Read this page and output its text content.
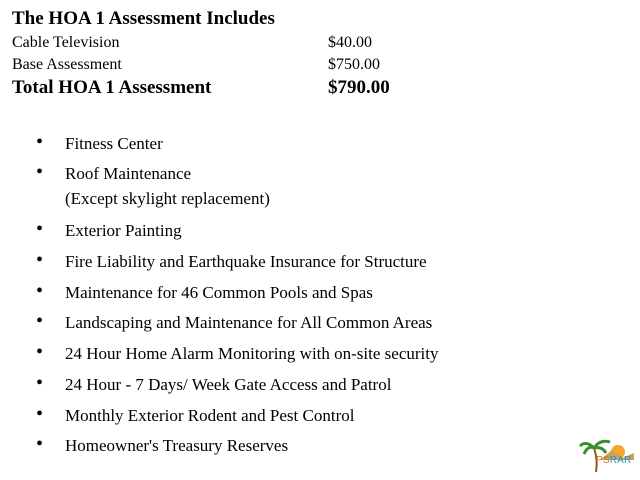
The HOA 1 Assessment Includes
Cable Television	$40.00
Base Assessment	$750.00
Total HOA 1 Assessment	$790.00
• Fitness Center
• Roof Maintenance
(Except skylight replacement)
• Exterior Painting
• Fire Liability and Earthquake Insurance for Structure
• Maintenance for 46 Common Pools and Spas
• Landscaping and Maintenance for All Common Areas
• 24 Hour Home Alarm Monitoring with on-site security
• 24 Hour - 7 Days/ Week Gate Access and Patrol
• Monthly Exterior Rodent and Pest Control
• Homeowner's Treasury Reserves
PSRAR
